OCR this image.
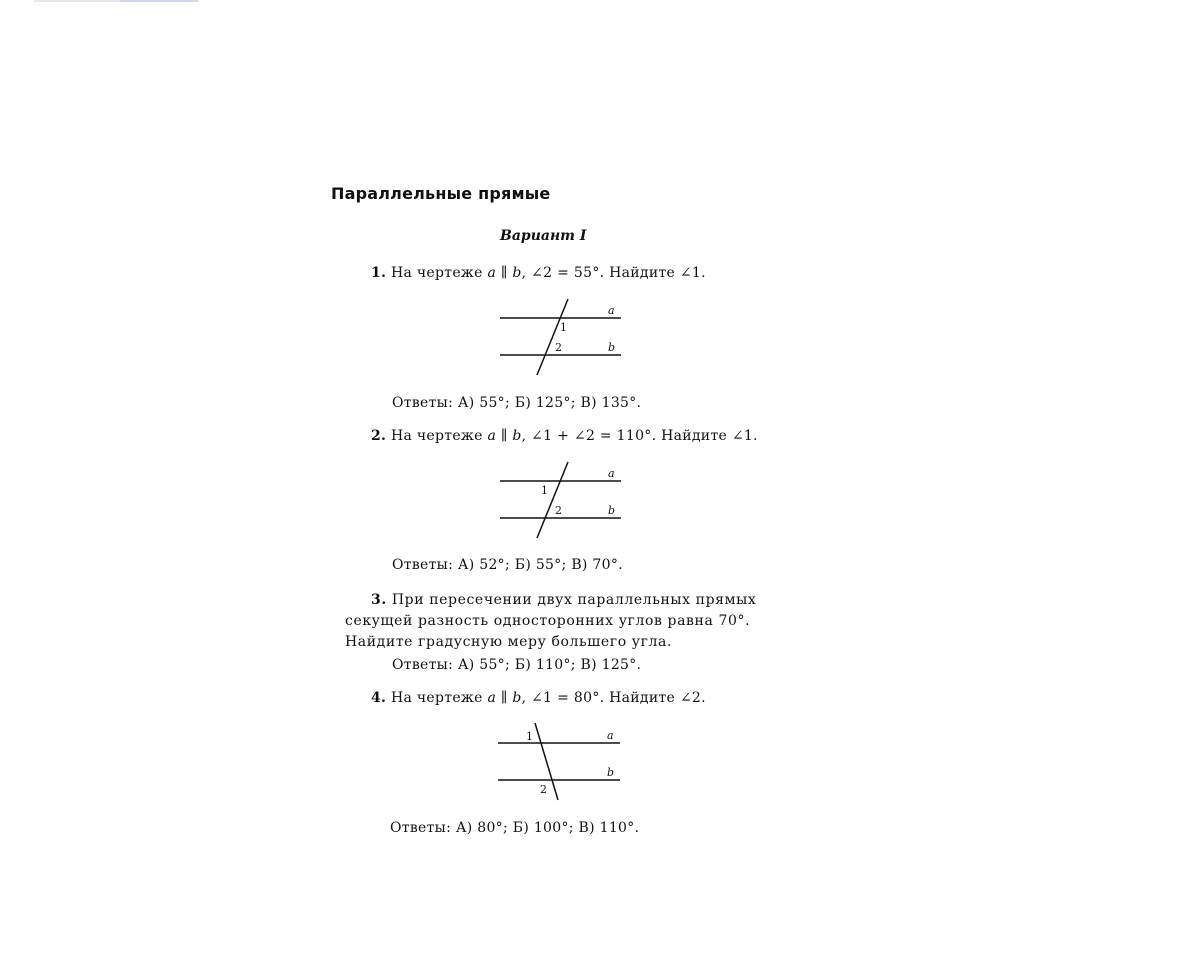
Параллельные прямые
Вариант I
1. На чертеже a ∥ b, ∠2 = 55°. Найдите ∠1.
a
b
1
2
Ответы: А) 55°; Б) 125°; В) 135°.
2. На чертеже a ∥ b, ∠1 + ∠2 = 110°. Найдите ∠1.
a
b
1
2
Ответы: А) 52°; Б) 55°; В) 70°.
3. При пересечении двух параллельных прямых
секущей разность односторонних углов равна 70°.
Найдите градусную меру большего угла.
Ответы: А) 55°; Б) 110°; В) 125°.
4. На чертеже a ∥ b, ∠1 = 80°. Найдите ∠2.
a
b
1
2
Ответы: А) 80°; Б) 100°; В) 110°.
